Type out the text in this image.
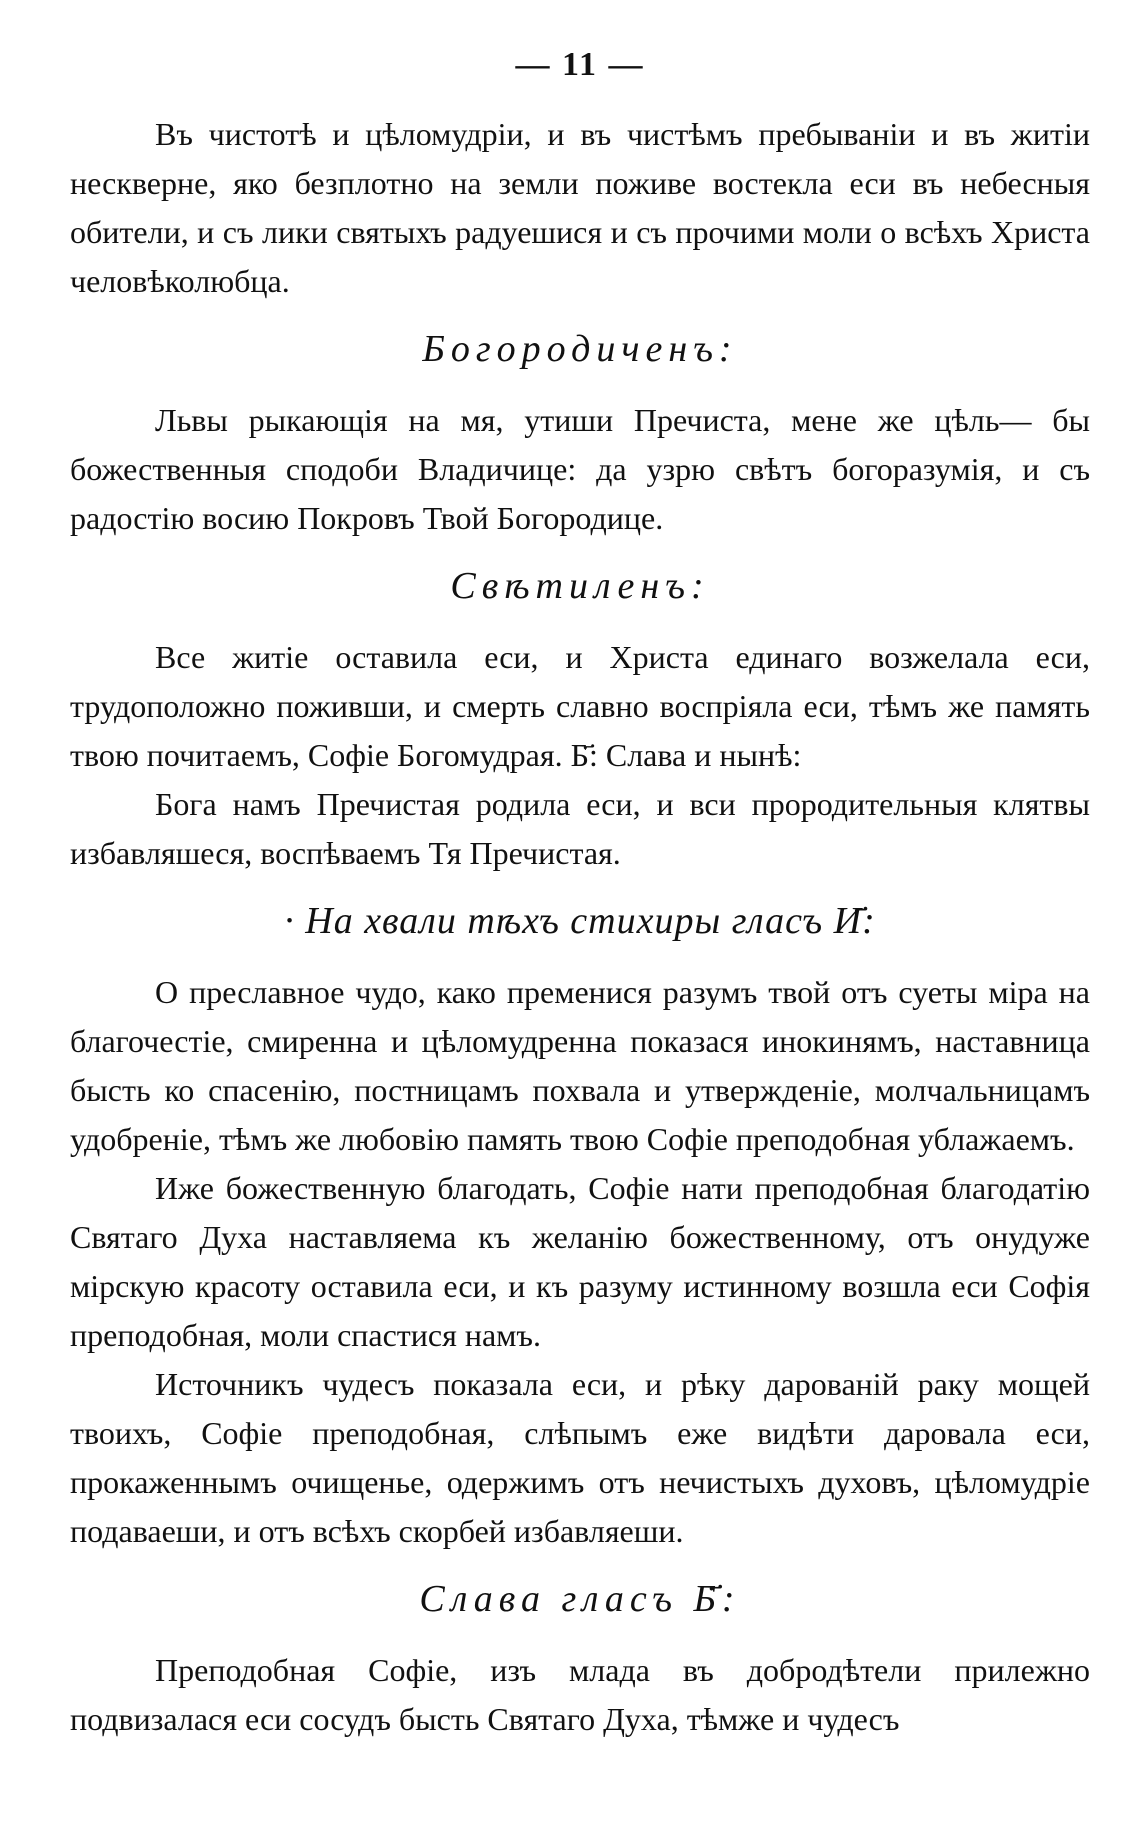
— 11 —

Въ чистотѣ и цѣломудріи, и въ чистѣмъ пребываніи и въ житіи нескверне, яко безплотно на земли поживе востекла еси въ небесныя обители, и съ лики святыхъ радуешися и съ прочими моли о всѣхъ Христа человѣколюбца.

Богородиченъ:

Львы рыкающія на мя, утиши Пречиста, мене же цѣль— бы божественныя сподоби Владичице: да узрю свѣтъ богоразумія, и съ радостію восию Покровъ Твой Богородице.

Свѣтиленъ:

Все житіе оставила еси, и Христа единаго возжелала еси, трудоположно поживши, и смерть славно воспріяла еси, тѣмъ же память твою почитаемъ, Софіе Богомудрая. Б҃: Слава и нынѣ:

Бога намъ Пречистая родила еси, и вси прородительныя клятвы избавляшеся, воспѣваемъ Тя Пречистая.

· На хвали тѣхъ стихиры гласъ И҃:

О преславное чудо, како пременися разумъ твой отъ суеты міра на благочестіе, смиренна и цѣломудренна показася инокинямъ, наставница бысть ко спасенію, постницамъ похвала и утвержденіе, молчальницамъ удобреніе, тѣмъ же любовію память твою Софіе преподобная ублажаемъ.

Иже божественную благодать, Софіе нати преподобная благодатію Святаго Духа наставляема къ желанію божественному, отъ онудуже мірскую красоту оставила еси, и къ разуму истинному возшла еси Софія преподобная, моли спастися намъ.

Источникъ чудесъ показала еси, и рѣку дарованій раку мощей твоихъ, Софіе преподобная, слѣпымъ еже видѣти даровала еси, прокаженнымъ очищенье, одержимъ отъ нечистыхъ духовъ, цѣломудріе подаваеши, и отъ всѣхъ скорбей избавляеши.

Слава гласъ Б҃:

Преподобная Софіе, изъ млада въ добродѣтели прилежно подвизалася еси сосудъ бысть Святаго Духа, тѣмже и чудесъ
